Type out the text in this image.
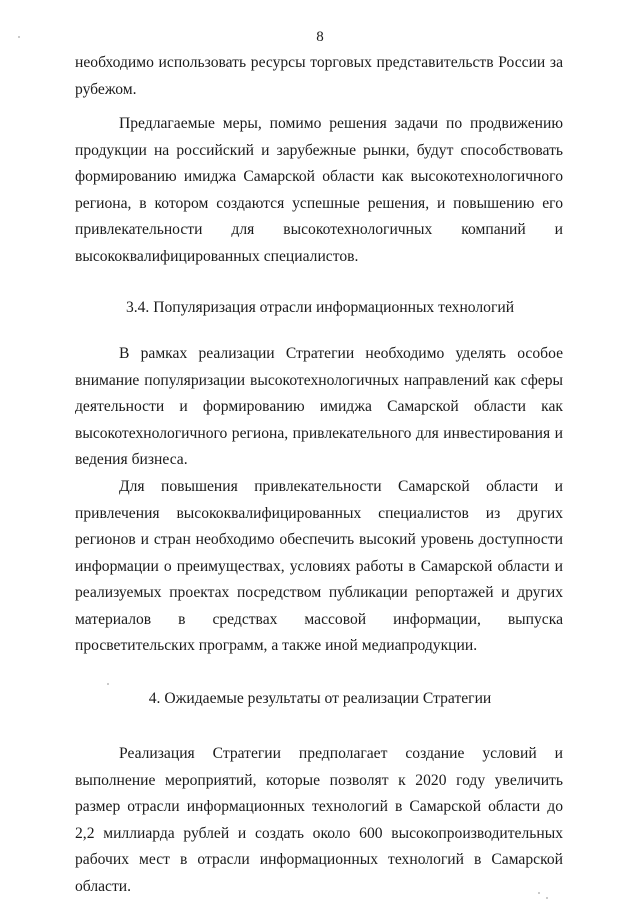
8

необходимо использовать ресурсы торговых представительств России за рубежом.

Предлагаемые меры, помимо решения задачи по продвижению продукции на российский и зарубежные рынки, будут способствовать формированию имиджа Самарской области как высокотехнологичного региона, в котором создаются успешные решения, и повышению его привлекательности для высокотехнологичных компаний и высококвалифицированных специалистов.

3.4. Популяризация отрасли информационных технологий

В рамках реализации Стратегии необходимо уделять особое внимание популяризации высокотехнологичных направлений как сферы деятельности и формированию имиджа Самарской области как высокотехнологичного региона, привлекательного для инвестирования и ведения бизнеса.

Для повышения привлекательности Самарской области и привлечения высококвалифицированных специалистов из других регионов и стран необходимо обеспечить высокий уровень доступности информации о преимуществах, условиях работы в Самарской области и реализуемых проектах посредством публикации репортажей и других материалов в средствах массовой информации, выпуска просветительских программ, а также иной медиапродукции.

4. Ожидаемые результаты от реализации Стратегии

Реализация Стратегии предполагает создание условий и выполнение мероприятий, которые позволят к 2020 году увеличить размер отрасли информационных технологий в Самарской области до 2,2 миллиарда рублей и создать около 600 высокопроизводительных рабочих мест в отрасли информационных технологий в Самарской области.
